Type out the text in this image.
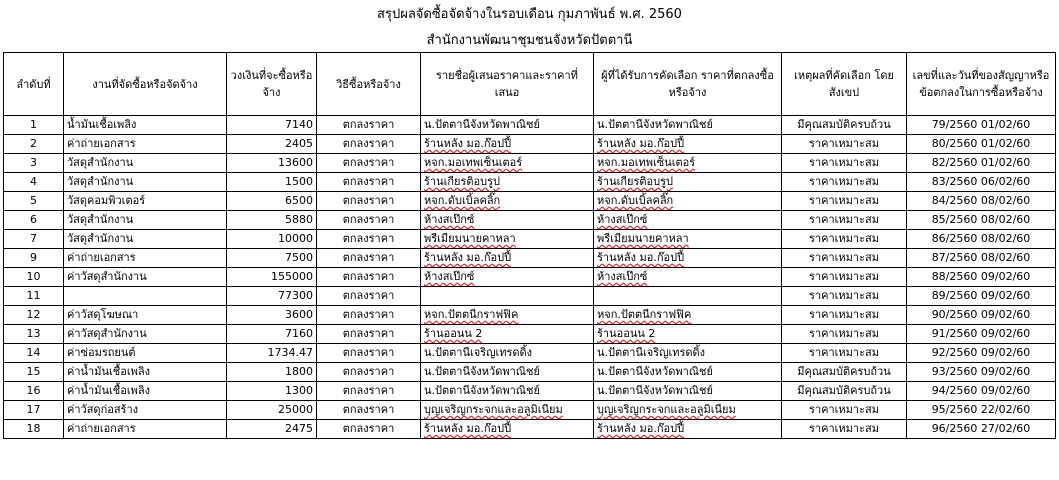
สรุปผลจัดซื้อจัดจ้างในรอบเดือน กุมภาพันธ์ พ.ศ. 2560
สำนักงานพัฒนาชุมชนจังหวัดปัตตานี
ลำดับที่	งานที่จัดซื้อหรือจัดจ้าง	วงเงินที่จะซื้อหรือจ้าง	วิธีซื้อหรือจ้าง	รายชื่อผู้เสนอราคาและราคาที่เสนอ	ผู้ที่ได้รับการคัดเลือก ราคาที่ตกลงซื้อหรือจ้าง	เหตุผลที่คัดเลือก โดยสังเขป	เลขที่และวันที่ของสัญญาหรือข้อตกลงในการซื้อหรือจ้าง
1	น้ำมันเชื้อเพลิง	7140	ตกลงราคา	น.ปัตตานีจังหวัดพาณิชย์	น.ปัตตานีจังหวัดพาณิชย์	มีคุณสมบัติครบถ้วน	79/2560 01/02/60
2	ค่าถ่ายเอกสาร	2405	ตกลงราคา	ร้านหลัง มอ.ก๊อปปี้	ร้านหลัง มอ.ก๊อปปี้	ราคาเหมาะสม	80/2560 01/02/60
3	วัสดุสำนักงาน	13600	ตกลงราคา	หจก.มอเทพเซ็นเตอร์	หจก.มอเทพเซ็นเตอร์	ราคาเหมาะสม	82/2560 01/02/60
4	วัสดุสำนักงาน	1500	ตกลงราคา	ร้านเกียรติอบรูป	ร้านเกียรติอบรูป	ราคาเหมาะสม	83/2560 06/02/60
5	วัสดุคอมพิวเตอร์	6500	ตกลงราคา	หจก.ดับเบิ้ลคลิ๊ก	หจก.ดับเบิ้ลคลิ๊ก	ราคาเหมาะสม	84/2560 08/02/60
6	วัสดุสำนักงาน	5880	ตกลงราคา	ห้างสเป๊กซ์	ห้างสเป๊กซ์	ราคาเหมาะสม	85/2560 08/02/60
7	วัสดุสำนักงาน	10000	ตกลงราคา	พรีเมียมนายคาหลา	พรีเมียมนายคาหลา	ราคาเหมาะสม	86/2560 08/02/60
9	ค่าถ่ายเอกสาร	7500	ตกลงราคา	ร้านหลัง มอ.ก๊อปปี้	ร้านหลัง มอ.ก๊อปปี้	ราคาเหมาะสม	87/2560 08/02/60
10	ค่าวัสดุสำนักงาน	155000	ตกลงราคา	ห้างสเป๊กซ์	ห้างสเป๊กซ์	ราคาเหมาะสม	88/2560 09/02/60
11		77300	ตกลงราคา			ราคาเหมาะสม	89/2560 09/02/60
12	ค่าวัสดุโฆษณา	3600	ตกลงราคา	หจก.ปัตตนีกราฟฟิค	หจก.ปัตตนีกราฟฟิค	ราคาเหมาะสม	90/2560 09/02/60
13	ค่าวัสดุสำนักงาน	7160	ตกลงราคา	ร้านออนน 2	ร้านออนน 2	ราคาเหมาะสม	91/2560 09/02/60
14	ค่าซ่อมรถยนต์	1734.47	ตกลงราคา	น.ปัตตานีเจริญเทรดดิ้ง	น.ปัตตานีเจริญเทรดดิ้ง	ราคาเหมาะสม	92/2560 09/02/60
15	ค่าน้ำมันเชื้อเพลิง	1800	ตกลงราคา	น.ปัตตานีจังหวัดพาณิชย์	น.ปัตตานีจังหวัดพาณิชย์	มีคุณสมบัติครบถ้วน	93/2560 09/02/60
16	ค่าน้ำมันเชื้อเพลิง	1300	ตกลงราคา	น.ปัตตานีจังหวัดพาณิชย์	น.ปัตตานีจังหวัดพาณิชย์	มีคุณสมบัติครบถ้วน	94/2560 09/02/60
17	ค่าวัสดุก่อสร้าง	25000	ตกลงราคา	บุญเจริญกระจกและอลูมิเนียม	บุญเจริญกระจกและอลูมิเนียม	ราคาเหมาะสม	95/2560 22/02/60
18	ค่าถ่ายเอกสาร	2475	ตกลงราคา	ร้านหลัง มอ.ก๊อปปี้	ร้านหลัง มอ.ก๊อปปี้	ราคาเหมาะสม	96/2560 27/02/60
